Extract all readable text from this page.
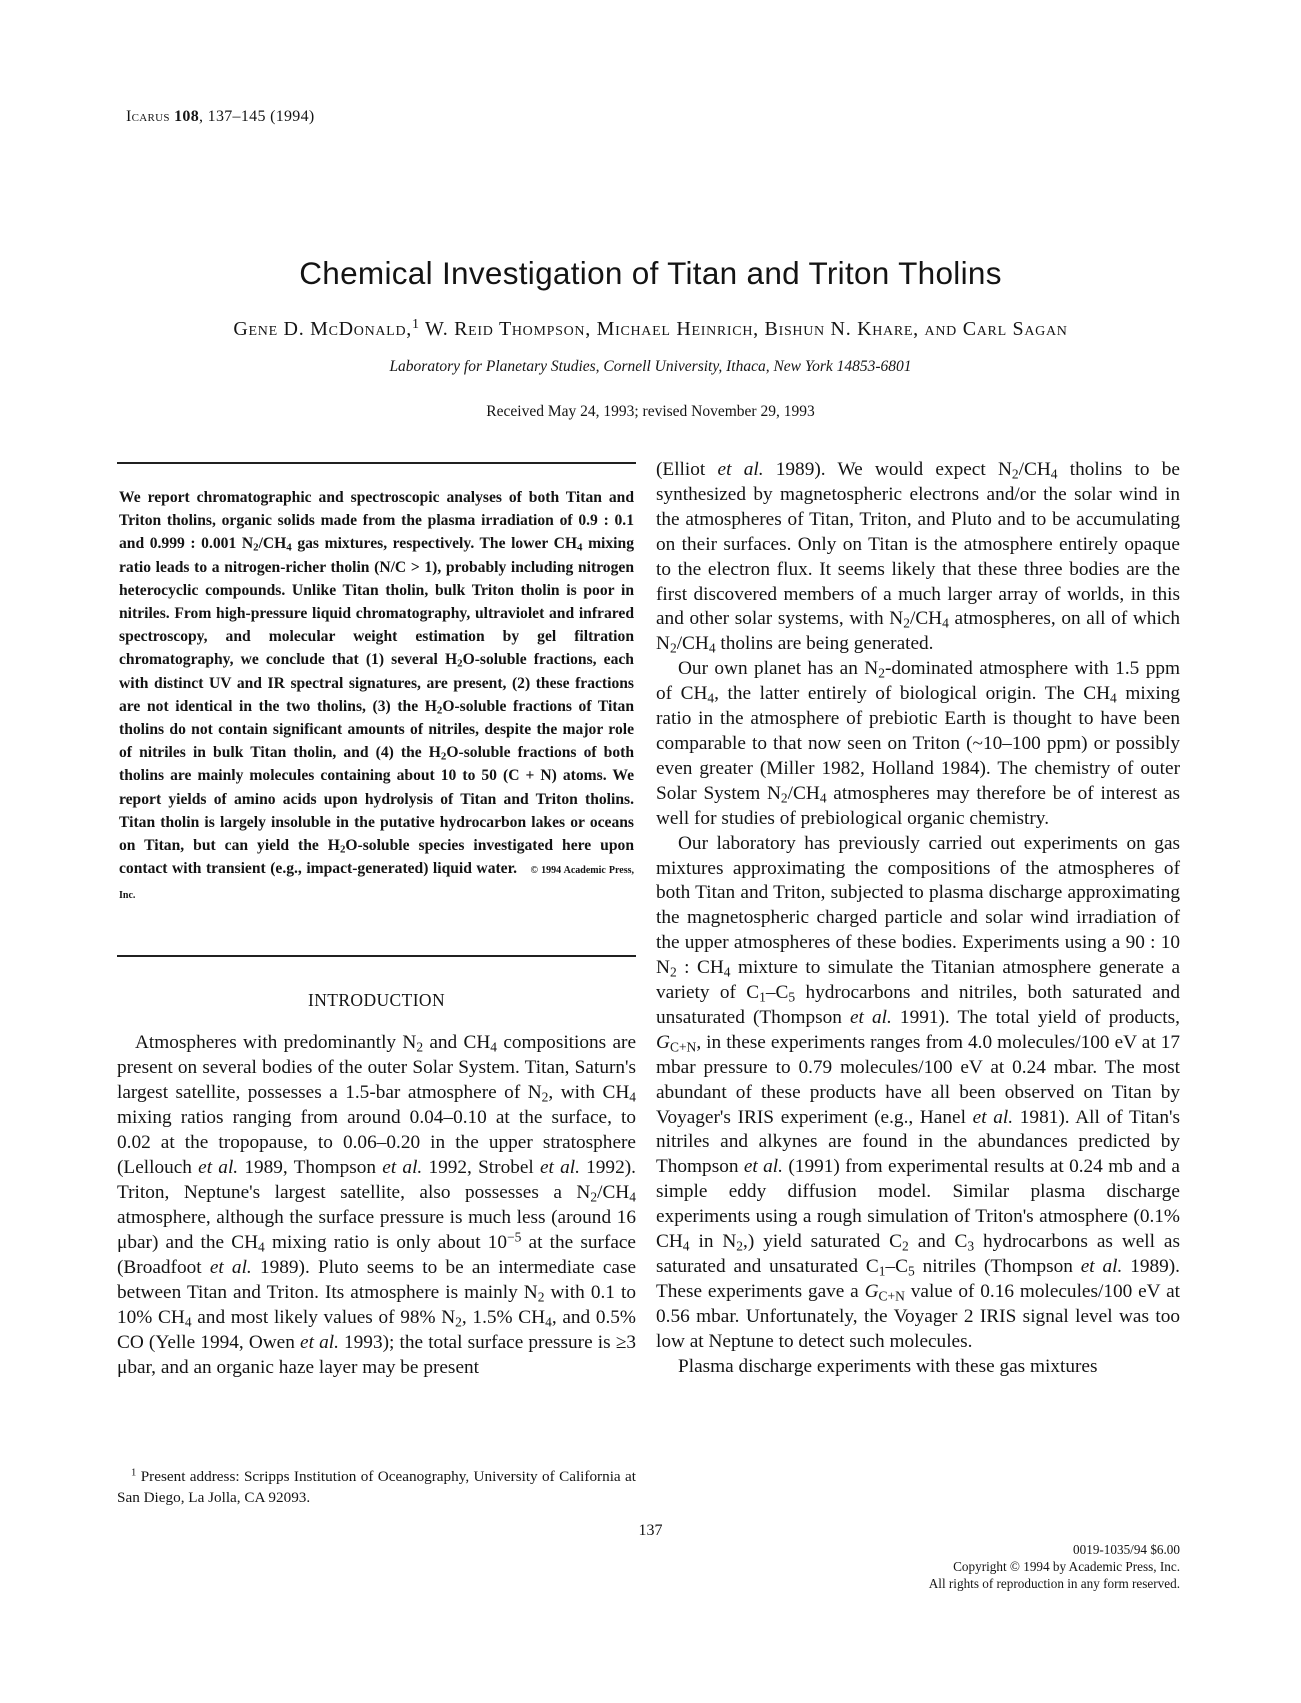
Icarus 108, 137–145 (1994)
Chemical Investigation of Titan and Triton Tholins
Gene D. McDonald,$^1$ W. Reid Thompson, Michael Heinrich, Bishun N. Khare, and Carl Sagan
Laboratory for Planetary Studies, Cornell University, Ithaca, New York 14853-6801
Received May 24, 1993; revised November 29, 1993
We report chromatographic and spectroscopic analyses of both Titan and Triton tholins, organic solids made from the plasma irradiation of 0.9 : 0.1 and 0.999 : 0.001 $N_2/CH_4$ gas mixtures, respectively. The lower $CH_4$ mixing ratio leads to a nitrogen-richer tholin (N/C > 1), probably including nitrogen heterocyclic compounds. Unlike Titan tholin, bulk Triton tholin is poor in nitriles. From high-pressure liquid chromatography, ultraviolet and infrared spectroscopy, and molecular weight estimation by gel filtration chromatography, we conclude that (1) several $H_2O$-soluble fractions, each with distinct UV and IR spectral signatures, are present, (2) these fractions are not identical in the two tholins, (3) the $H_2O$-soluble fractions of Titan tholins do not contain significant amounts of nitriles, despite the major role of nitriles in bulk Titan tholin, and (4) the $H_2O$-soluble fractions of both tholins are mainly molecules containing about 10 to 50 (C + N) atoms. We report yields of amino acids upon hydrolysis of Titan and Triton tholins. Titan tholin is largely insoluble in the putative hydrocarbon lakes or oceans on Titan, but can yield the $H_2O$-soluble species investigated here upon contact with transient (e.g., impact-generated) liquid water. © 1994 Academic Press, Inc.
INTRODUCTION
Atmospheres with predominantly $N_2$ and $CH_4$ compositions are present on several bodies of the outer Solar System. Titan, Saturn's largest satellite, possesses a 1.5-bar atmosphere of $N_2$, with $CH_4$ mixing ratios ranging from around 0.04–0.10 at the surface, to 0.02 at the tropopause, to 0.06–0.20 in the upper stratosphere (Lellouch et al. 1989, Thompson et al. 1992, Strobel et al. 1992). Triton, Neptune's largest satellite, also possesses a $N_2/CH_4$ atmosphere, although the surface pressure is much less (around 16 μbar) and the $CH_4$ mixing ratio is only about $10^{-5}$ at the surface (Broadfoot et al. 1989). Pluto seems to be an intermediate case between Titan and Triton. Its atmosphere is mainly $N_2$ with 0.1 to 10% $CH_4$ and most likely values of 98% $N_2$, 1.5% $CH_4$, and 0.5% CO (Yelle 1994, Owen et al. 1993); the total surface pressure is ≥3 μbar, and an organic haze layer may be present
$^1$ Present address: Scripps Institution of Oceanography, University of California at San Diego, La Jolla, CA 92093.

(Elliot et al. 1989). We would expect $N_2/CH_4$ tholins to be synthesized by magnetospheric electrons and/or the solar wind in the atmospheres of Titan, Triton, and Pluto and to be accumulating on their surfaces. Only on Titan is the atmosphere entirely opaque to the electron flux. It seems likely that these three bodies are the first discovered members of a much larger array of worlds, in this and other solar systems, with $N_2/CH_4$ atmospheres, on all of which $N_2/CH_4$ tholins are being generated.

Our own planet has an $N_2$-dominated atmosphere with 1.5 ppm of $CH_4$, the latter entirely of biological origin. The $CH_4$ mixing ratio in the atmosphere of prebiotic Earth is thought to have been comparable to that now seen on Triton (~10–100 ppm) or possibly even greater (Miller 1982, Holland 1984). The chemistry of outer Solar System $N_2/CH_4$ atmospheres may therefore be of interest as well for studies of prebiological organic chemistry.

Our laboratory has previously carried out experiments on gas mixtures approximating the compositions of the atmospheres of both Titan and Triton, subjected to plasma discharge approximating the magnetospheric charged particle and solar wind irradiation of the upper atmospheres of these bodies. Experiments using a 90 : 10 $N_2$ : $CH_4$ mixture to simulate the Titanian atmosphere generate a variety of $C_1-C_5$ hydrocarbons and nitriles, both saturated and unsaturated (Thompson et al. 1991). The total yield of products, $G_{C+N}$, in these experiments ranges from 4.0 molecules/100 eV at 17 mbar pressure to 0.79 molecules/100 eV at 0.24 mbar. The most abundant of these products have all been observed on Titan by Voyager's IRIS experiment (e.g., Hanel et al. 1981). All of Titan's nitriles and alkynes are found in the abundances predicted by Thompson et al. (1991) from experimental results at 0.24 mb and a simple eddy diffusion model. Similar plasma discharge experiments using a rough simulation of Triton's atmosphere (0.1% $CH_4$ in $N_2$,) yield saturated $C_2$ and $C_3$ hydrocarbons as well as saturated and unsaturated $C_1-C_5$ nitriles (Thompson et al. 1989). These experiments gave a $G_{C+N}$ value of 0.16 molecules/100 eV at 0.56 mbar. Unfortunately, the Voyager 2 IRIS signal level was too low at Neptune to detect such molecules.

Plasma discharge experiments with these gas mixtures

137
0019-1035/94 $6.00
Copyright © 1994 by Academic Press, Inc.
All rights of reproduction in any form reserved.
